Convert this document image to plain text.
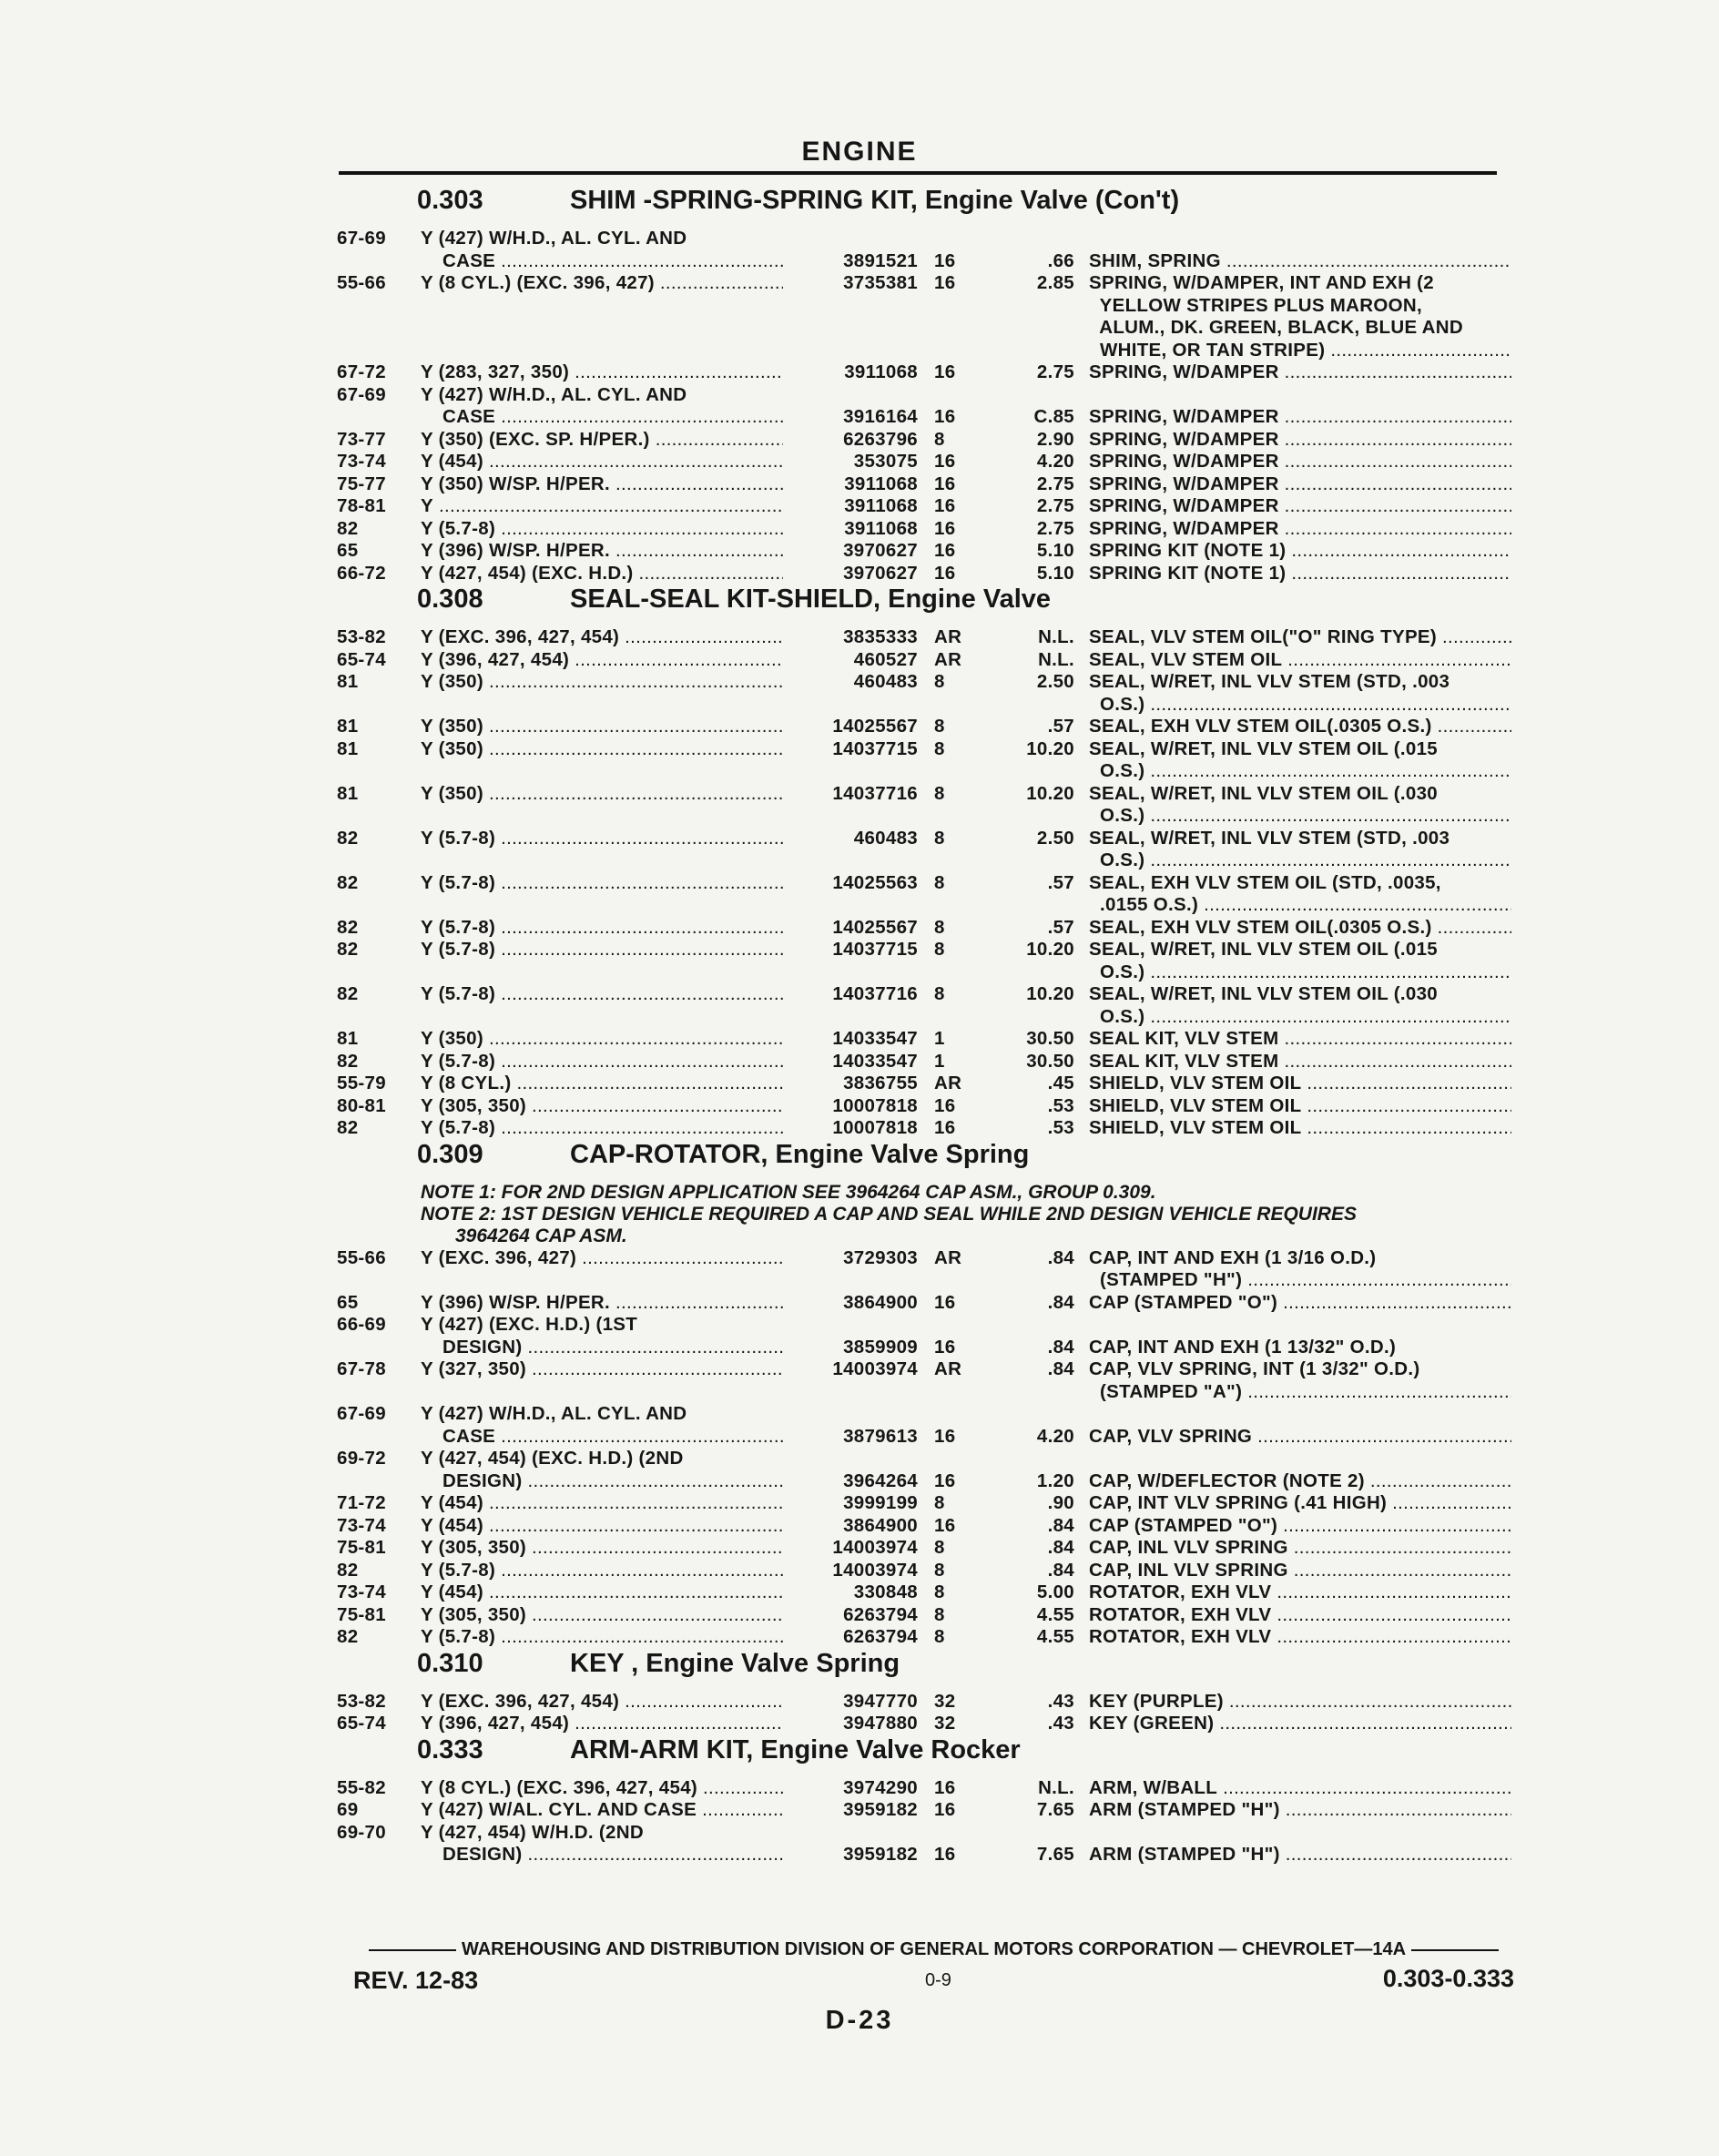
ENGINE
0.303	SHIM -SPRING-SPRING KIT, Engine Valve (Con't)
67-69	Y (427) W/H.D., AL. CYL. AND
CASE .....	3891521 16	.66 SHIM, SPRING .....
55-66	Y (8 CYL.) (EXC. 396, 427) .....	3735381 16	2.85 SPRING, W/DAMPER, INT AND EXH (2
YELLOW STRIPES PLUS MAROON,
ALUM., DK. GREEN, BLACK, BLUE AND
WHITE, OR TAN STRIPE) .....
67-72	Y (283, 327, 350) .....	3911068 16	2.75 SPRING, W/DAMPER .....
67-69	Y (427) W/H.D., AL. CYL. AND
CASE .....	3916164 16	C.85 SPRING, W/DAMPER .....
73-77	Y (350) (EXC. SP. H/PER.) .....	6263796 8	2.90 SPRING, W/DAMPER .....
73-74	Y (454) .....	353075 16	4.20 SPRING, W/DAMPER .....
75-77	Y (350) W/SP. H/PER. .....	3911068 16	2.75 SPRING, W/DAMPER .....
78-81	Y .....	3911068 16	2.75 SPRING, W/DAMPER .....
82	Y (5.7-8) .....	3911068 16	2.75 SPRING, W/DAMPER .....
65	Y (396) W/SP. H/PER. .....	3970627 16	5.10 SPRING KIT (NOTE 1) .....
66-72	Y (427, 454) (EXC. H.D.) .....	3970627 16	5.10 SPRING KIT (NOTE 1) .....
0.308	SEAL-SEAL KIT-SHIELD, Engine Valve
53-82	Y (EXC. 396, 427, 454) .....	3835333 AR	N.L. SEAL, VLV STEM OIL("O" RING TYPE) .....
65-74	Y (396, 427, 454) .....	460527 AR	N.L. SEAL, VLV STEM OIL .....
81	Y (350) .....	460483 8	2.50 SEAL, W/RET, INL VLV STEM (STD, .003
O.S.) .....
81	Y (350) .....	14025567 8	.57 SEAL, EXH VLV STEM OIL(.0305 O.S.) .....
81	Y (350) .....	14037715 8	10.20 SEAL, W/RET, INL VLV STEM OIL (.015
O.S.) .....
81	Y (350) .....	14037716 8	10.20 SEAL, W/RET, INL VLV STEM OIL (.030
O.S.) .....
82	Y (5.7-8) .....	460483 8	2.50 SEAL, W/RET, INL VLV STEM (STD, .003
O.S.) .....
82	Y (5.7-8) .....	14025563 8	.57 SEAL, EXH VLV STEM OIL (STD, .0035,
.0155 O.S.) .....
82	Y (5.7-8) .....	14025567 8	.57 SEAL, EXH VLV STEM OIL(.0305 O.S.) .....
82	Y (5.7-8) .....	14037715 8	10.20 SEAL, W/RET, INL VLV STEM OIL (.015
O.S.) .....
82	Y (5.7-8) .....	14037716 8	10.20 SEAL, W/RET, INL VLV STEM OIL (.030
O.S.) .....
81	Y (350) .....	14033547 1	30.50 SEAL KIT, VLV STEM .....
82	Y (5.7-8) .....	14033547 1	30.50 SEAL KIT, VLV STEM .....
55-79	Y (8 CYL.) .....	3836755 AR	.45 SHIELD, VLV STEM OIL .....
80-81	Y (305, 350) .....	10007818 16	.53 SHIELD, VLV STEM OIL .....
82	Y (5.7-8) .....	10007818 16	.53 SHIELD, VLV STEM OIL .....
0.309	CAP-ROTATOR, Engine Valve Spring
NOTE 1: FOR 2ND DESIGN APPLICATION SEE 3964264 CAP ASM., GROUP 0.309.
NOTE 2: 1ST DESIGN VEHICLE REQUIRED A CAP AND SEAL WHILE 2ND DESIGN VEHICLE REQUIRES
3964264 CAP ASM.
55-66	Y (EXC. 396, 427) .....	3729303 AR	.84 CAP, INT AND EXH (1 3/16 O.D.)
(STAMPED "H") .....
65	Y (396) W/SP. H/PER. .....	3864900 16	.84 CAP (STAMPED "O") .....
66-69	Y (427) (EXC. H.D.) (1ST
DESIGN) .....	3859909 16	.84 CAP, INT AND EXH (1 13/32" O.D.)
67-78	Y (327, 350) .....	14003974 AR	.84 CAP, VLV SPRING, INT (1 3/32" O.D.)
(STAMPED "A") .....
67-69	Y (427) W/H.D., AL. CYL. AND
CASE .....	3879613 16	4.20 CAP, VLV SPRING .....
69-72	Y (427, 454) (EXC. H.D.) (2ND
DESIGN) .....	3964264 16	1.20 CAP, W/DEFLECTOR (NOTE 2) .....
71-72	Y (454) .....	3999199 8	.90 CAP, INT VLV SPRING (.41 HIGH) .....
73-74	Y (454) .....	3864900 16	.84 CAP (STAMPED "O") .....
75-81	Y (305, 350) .....	14003974 8	.84 CAP, INL VLV SPRING .....
82	Y (5.7-8) .....	14003974 8	.84 CAP, INL VLV SPRING .....
73-74	Y (454) .....	330848 8	5.00 ROTATOR, EXH VLV .....
75-81	Y (305, 350) .....	6263794 8	4.55 ROTATOR, EXH VLV .....
82	Y (5.7-8) .....	6263794 8	4.55 ROTATOR, EXH VLV .....
0.310	KEY , Engine Valve Spring
53-82	Y (EXC. 396, 427, 454) .....	3947770 32	.43 KEY (PURPLE) .....
65-74	Y (396, 427, 454) .....	3947880 32	.43 KEY (GREEN) .....
0.333	ARM-ARM KIT, Engine Valve Rocker
55-82	Y (8 CYL.) (EXC. 396, 427, 454) .....	3974290 16	N.L. ARM, W/BALL .....
69	Y (427) W/AL. CYL. AND CASE .....	3959182 16	7.65 ARM (STAMPED "H") .....
69-70	Y (427, 454) W/H.D. (2ND
DESIGN) .....	3959182 16	7.65 ARM (STAMPED "H") .....
WAREHOUSING AND DISTRIBUTION DIVISION OF GENERAL MOTORS CORPORATION — CHEVROLET—14A
REV. 12-83	0-9	0.303-0.333
D-23
